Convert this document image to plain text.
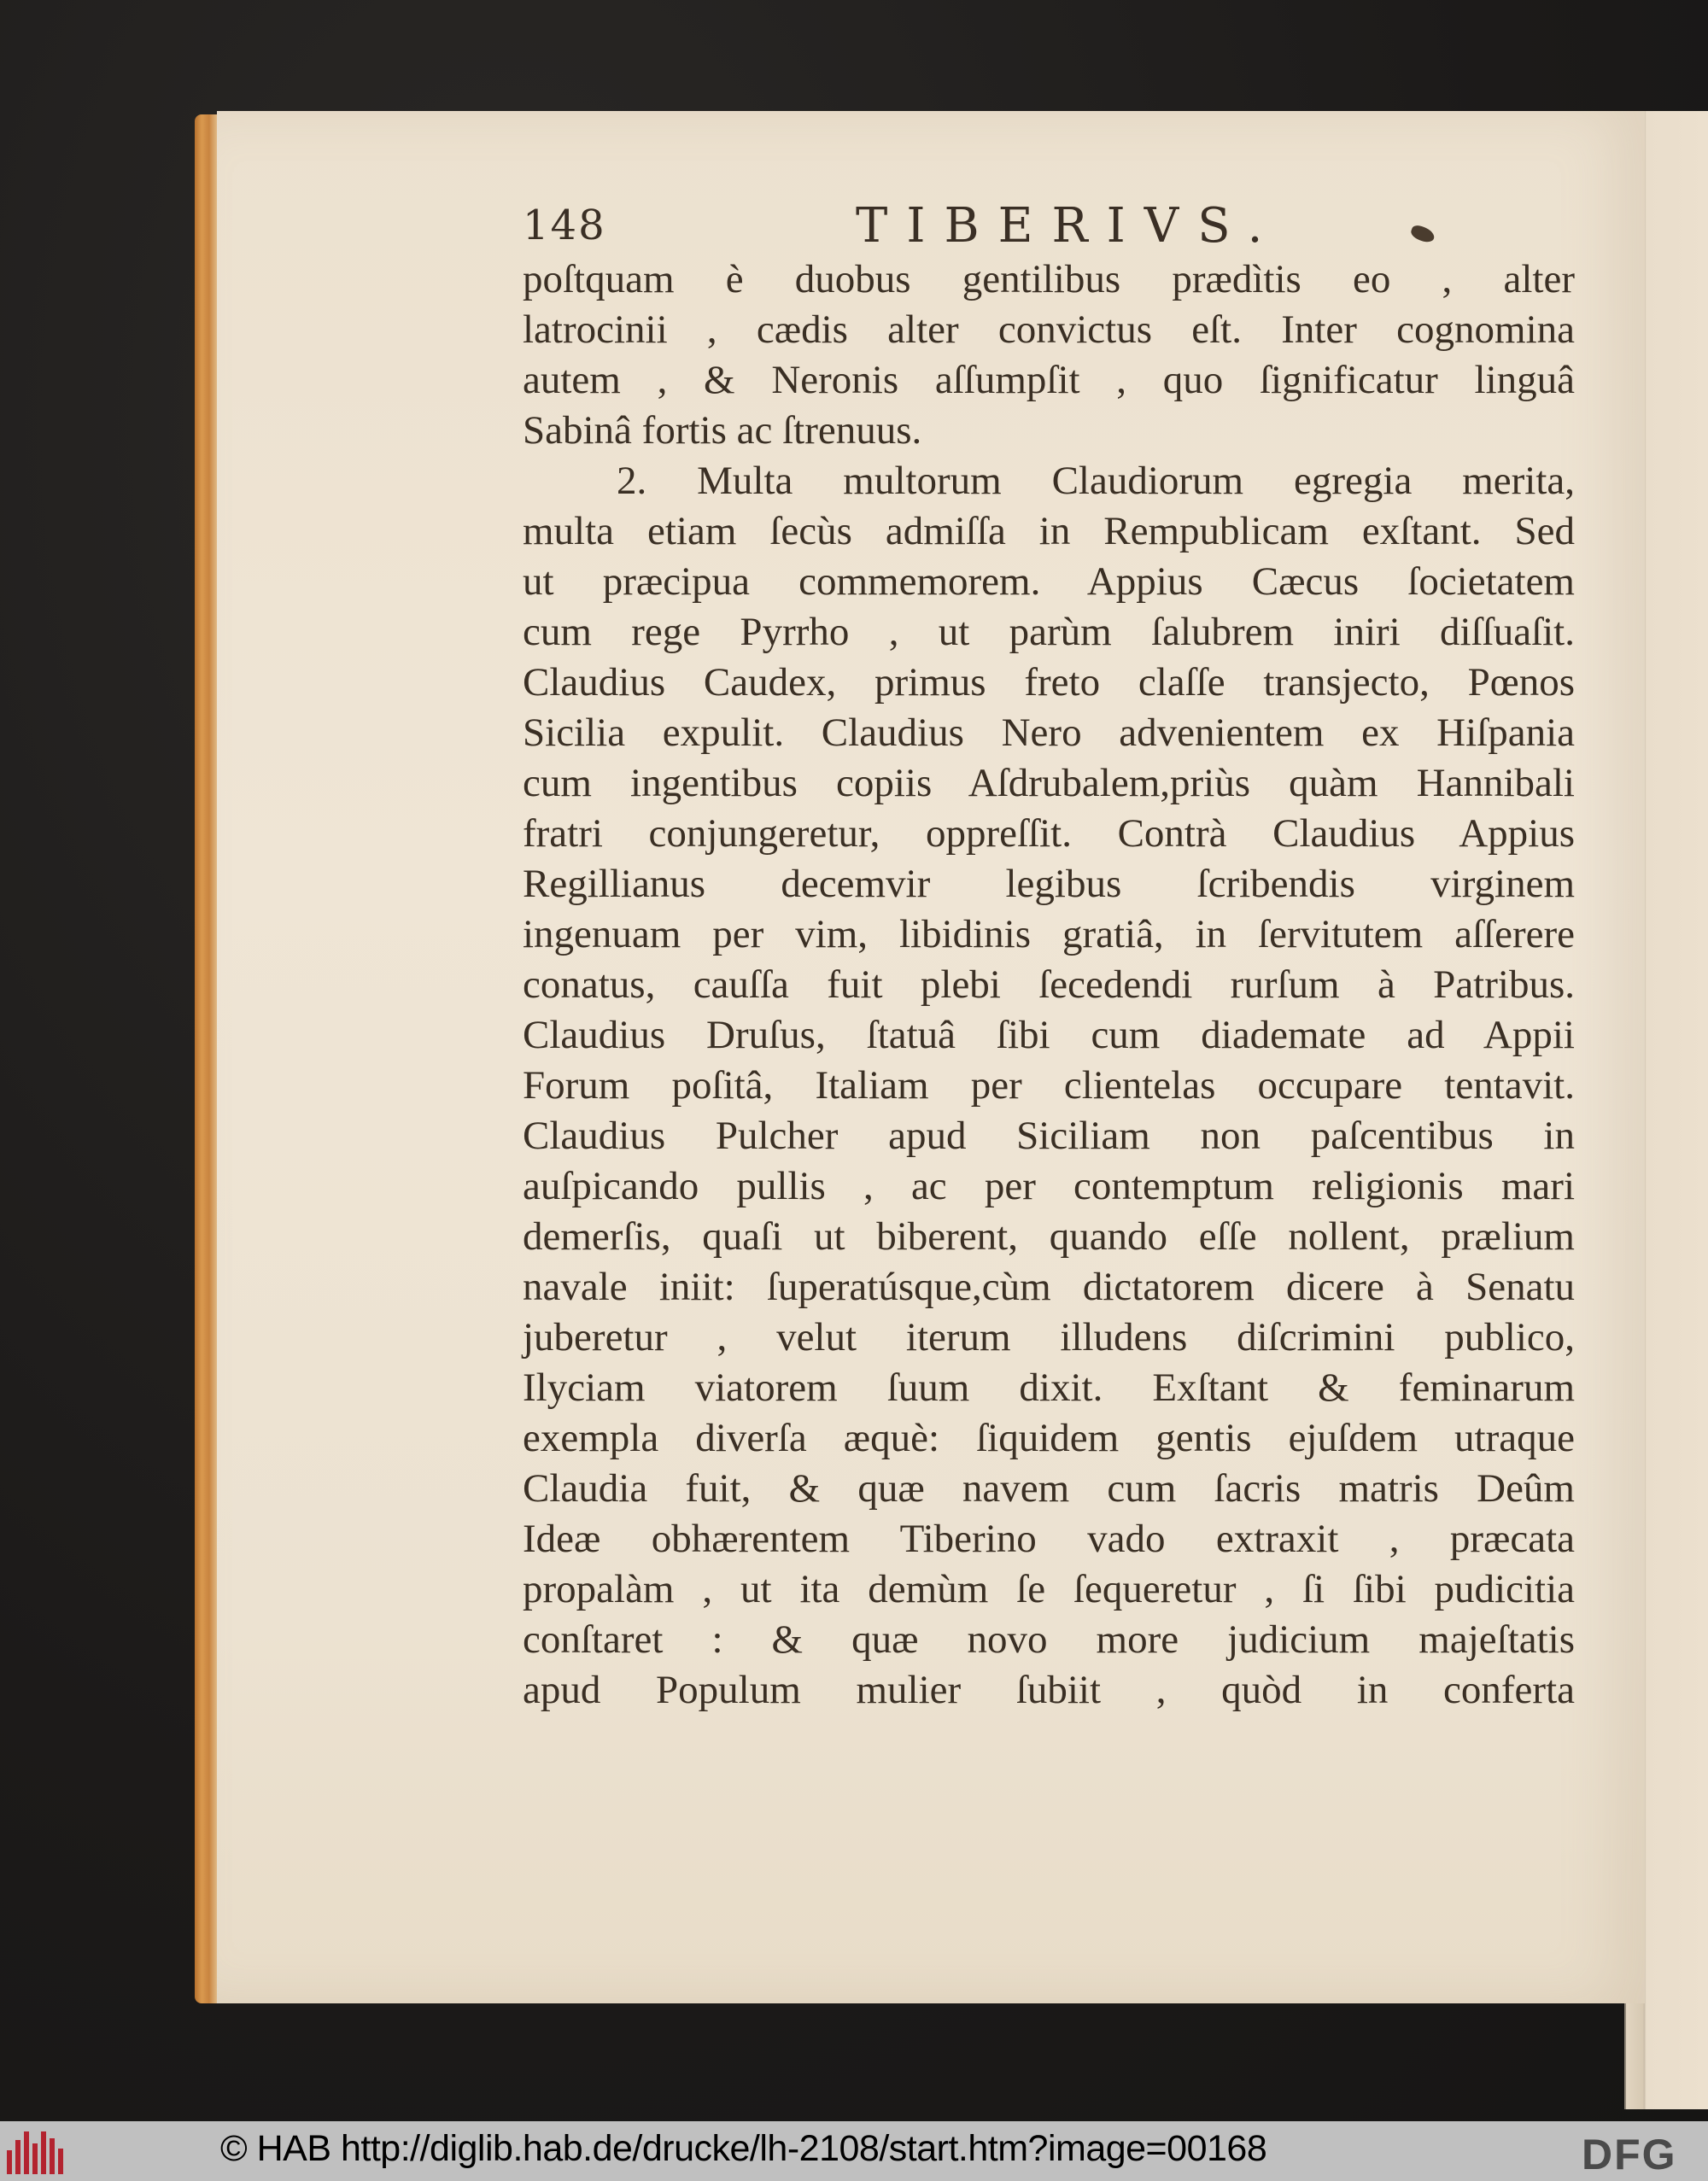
148	TIBERIVS.
poſtquam è duobus gentilibus prædìtis eo , alter
latrocinii , cædis alter convictus eſt. Inter cognomina
autem , & Neronis aſſumpſit , quo ſignificatur linguâ
Sabinâ fortis ac ſtrenuus.
2. Multa multorum Claudiorum egregia merita,
multa etiam ſecùs admiſſa in Rempublicam exſtant. Sed
ut præcipua commemorem. Appius Cæcus ſocietatem
cum rege Pyrrho , ut parùm ſalubrem iniri diſſuaſit.
Claudius Caudex, primus freto claſſe transjecto, Pœnos
Sicilia expulit. Claudius Nero advenientem ex Hiſpania
cum ingentibus copiis Aſdrubalem,priùs quàm Hannibali
fratri conjungeretur, oppreſſit. Contrà Claudius Appius
Regillianus decemvir legibus ſcribendis virginem
ingenuam per vim, libidinis gratiâ, in ſervitutem aſſerere
conatus, cauſſa fuit plebi ſecedendi rurſum à Patribus.
Claudius Druſus, ſtatuâ ſibi cum diademate ad Appii
Forum poſitâ, Italiam per clientelas occupare tentavit.
Claudius Pulcher apud Siciliam non paſcentibus in
auſpicando pullis , ac per contemptum religionis mari
demerſis, quaſi ut biberent, quando eſſe nollent, prælium
navale iniit: ſuperatúsque,cùm dictatorem dicere à Senatu
juberetur , velut iterum illudens diſcrimini publico,
Ilyciam viatorem ſuum dixit. Exſtant & feminarum
exempla diverſa æquè: ſiquidem gentis ejuſdem utraque
Claudia fuit, & quæ navem cum ſacris matris Deûm
Ideæ obhærentem Tiberino vado extraxit , præcata
propalàm , ut ita demùm ſe ſequeretur , ſi ſibi pudicitia
conſtaret : & quæ novo more judicium majeſtatis
apud Populum mulier ſubiit , quòd in conferta
© HAB http://diglib.hab.de/drucke/lh-2108/start.htm?image=00168	DFG
